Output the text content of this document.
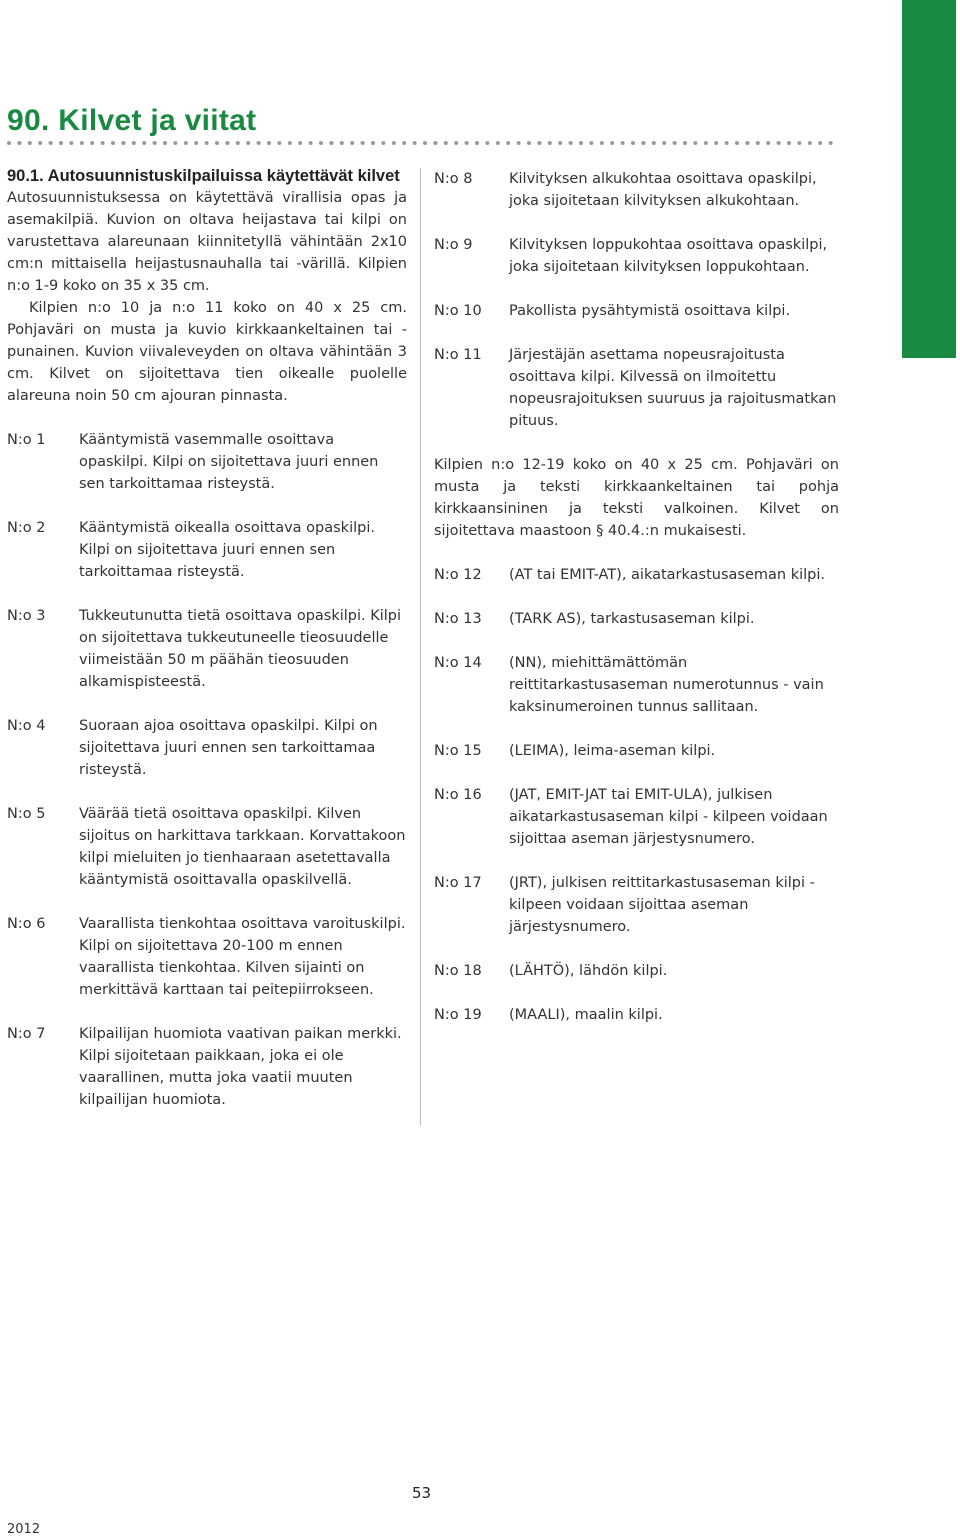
90. Kilvet ja viitat
90.1. Autosuunnistuskilpailuissa käytettävät kilvet

Autosuunnistuksessa on käytettävä virallisia opas ja asemakilpiä. Kuvion on oltava heijastava tai kilpi on varustettava alareunaan kiinnitetyllä vähintään 2x10 cm:n mittaisella heijastusnauhalla tai -värillä. Kilpien n:o 1-9 koko on 35 x 35 cm.

Kilpien n:o 10 ja n:o 11 koko on 40 x 25 cm. Pohjaväri on musta ja kuvio kirkkaankeltainen tai -punainen. Kuvion viivaleveyden on oltava vähintään 3 cm. Kilvet on sijoitettava tien oikealle puolelle alareuna noin 50 cm ajouran pinnasta.

N:o 1	Kääntymistä vasemmalle osoittava opaskilpi. Kilpi on sijoitettava juuri ennen sen tarkoittamaa risteystä.
N:o 2	Kääntymistä oikealla osoittava opaskilpi. Kilpi on sijoitettava juuri ennen sen tarkoittamaa risteystä.
N:o 3	Tukkeutunutta tietä osoittava opaskilpi. Kilpi on sijoitettava tukkeutuneelle tieosuudelle viimeistään 50 m päähän tieosuuden alkamispisteestä.
N:o 4	Suoraan ajoa osoittava opaskilpi. Kilpi on sijoitettava juuri ennen sen tarkoittamaa risteystä.
N:o 5	Väärää tietä osoittava opaskilpi. Kilven sijoitus on harkittava tarkkaan. Korvattakoon kilpi mieluiten jo tienhaaraan asetettavalla kääntymistä osoittavalla opaskilvellä.
N:o 6	Vaarallista tienkohtaa osoittava varoituskilpi. Kilpi on sijoitettava 20-100 m ennen vaarallista tienkohtaa. Kilven sijainti on merkittävä karttaan tai peitepiirrokseen.
N:o 7	Kilpailijan huomiota vaativan paikan merkki. Kilpi sijoitetaan paikkaan, joka ei ole vaarallinen, mutta joka vaatii muuten kilpailijan huomiota.
N:o 8	Kilvityksen alkukohtaa osoittava opaskilpi, joka sijoitetaan kilvityksen alkukohtaan.
N:o 9	Kilvityksen loppukohtaa osoittava opaskilpi, joka sijoitetaan kilvityksen loppukohtaan.
N:o 10	Pakollista pysähtymistä osoittava kilpi.
N:o 11	Järjestäjän asettama nopeusrajoitusta osoittava kilpi. Kilvessä on ilmoitettu nopeusrajoituksen suuruus ja rajoitusmatkan pituus.

Kilpien n:o 12-19 koko on 40 x 25 cm. Pohjaväri on musta ja teksti kirkkaankeltainen tai pohja kirkkaansininen ja teksti valkoinen. Kilvet on sijoitettava maastoon § 40.4.:n mukaisesti.

N:o 12	(AT tai EMIT-AT), aikatarkastusaseman kilpi.
N:o 13	(TARK AS), tarkastusaseman kilpi.
N:o 14	(NN), miehittämättömän reittitarkastusaseman numerotunnus - vain kaksinumeroinen tunnus sallitaan.
N:o 15	(LEIMA), leima-aseman kilpi.
N:o 16	(JAT, EMIT-JAT tai EMIT-ULA), julkisen aikatarkastusaseman kilpi - kilpeen voidaan sijoittaa aseman järjestysnumero.
N:o 17	(JRT), julkisen reittitarkastusaseman kilpi - kilpeen voidaan sijoittaa aseman järjestysnumero.
N:o 18	(LÄHTÖ), lähdön kilpi.
N:o 19	(MAALI), maalin kilpi.
53
2012
